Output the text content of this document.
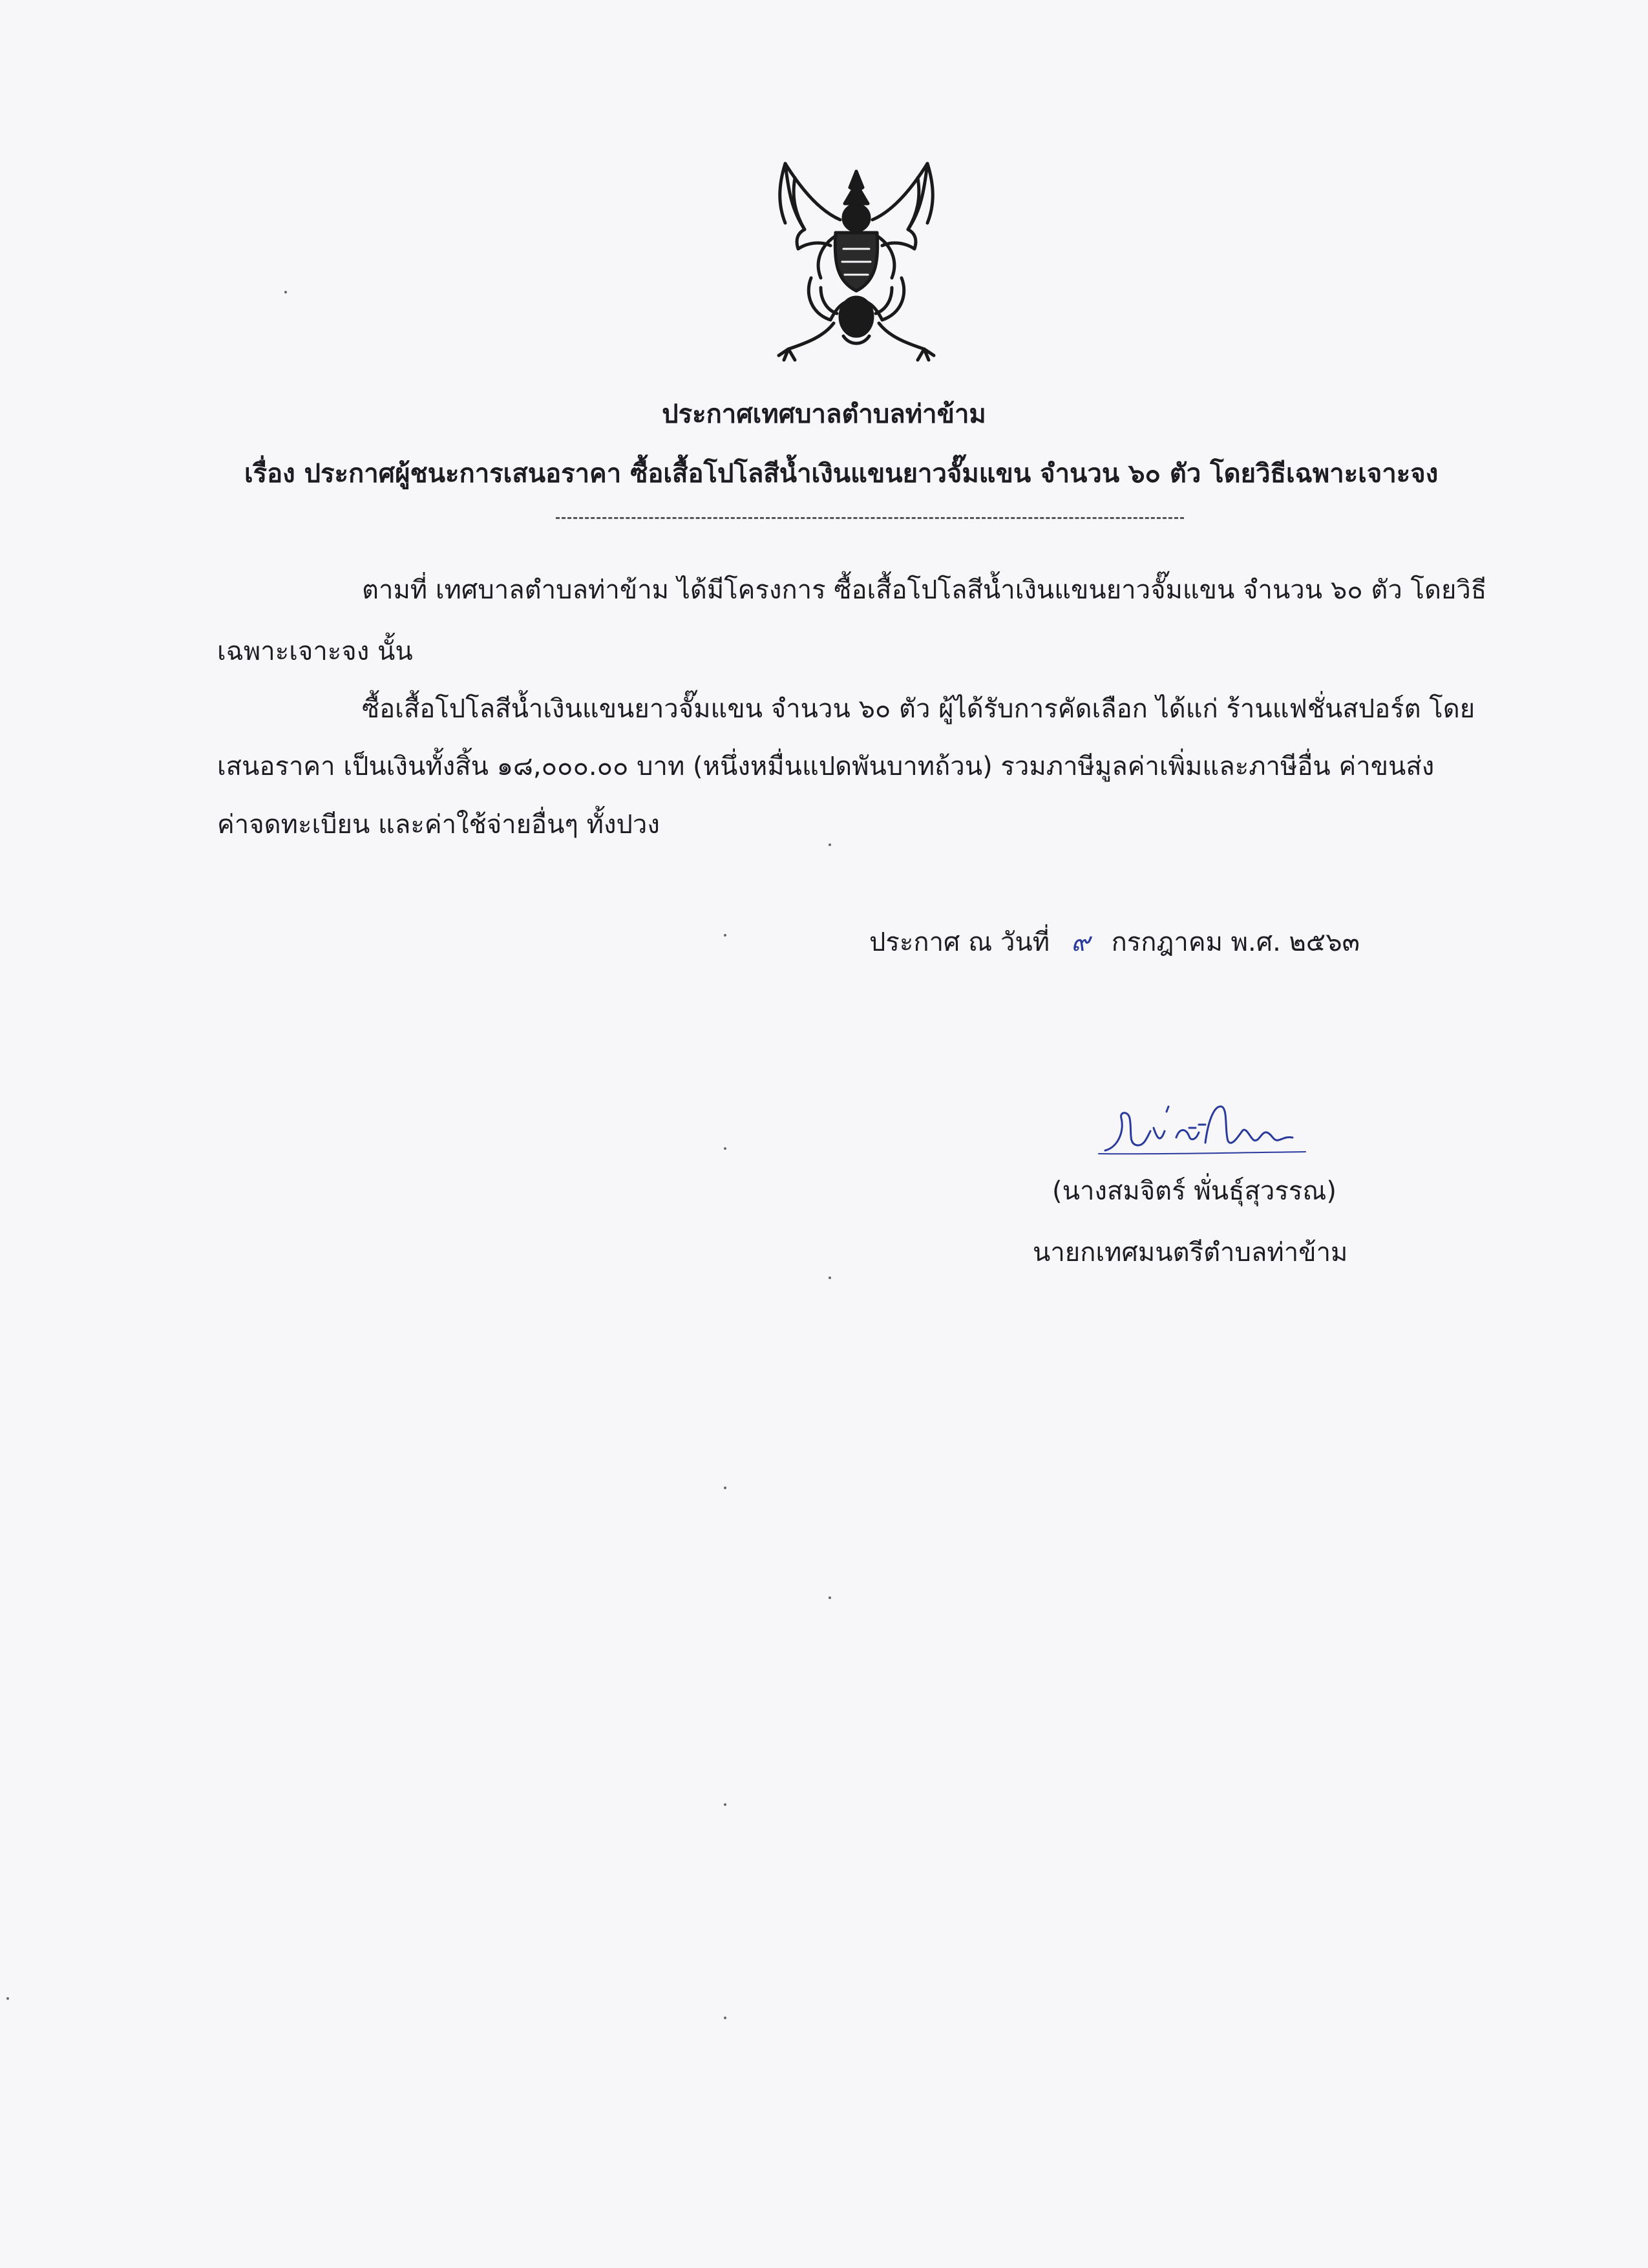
ประกาศเทศบาลตำบลท่าข้าม
เรื่อง ประกาศผู้ชนะการเสนอราคา ซื้อเสื้อโปโลสีน้ำเงินแขนยาวจั๊มแขน จำนวน ๖๐ ตัว โดยวิธีเฉพาะเจาะจง
ตามที่ เทศบาลตำบลท่าข้าม ได้มีโครงการ ซื้อเสื้อโปโลสีน้ำเงินแขนยาวจั๊มแขน จำนวน ๖๐ ตัว โดยวิธี
เฉพาะเจาะจง นั้น
ซื้อเสื้อโปโลสีน้ำเงินแขนยาวจั๊มแขน จำนวน ๖๐ ตัว ผู้ได้รับการคัดเลือก ได้แก่ ร้านแฟชั่นสปอร์ต โดย
เสนอราคา เป็นเงินทั้งสิ้น ๑๘,๐๐๐.๐๐ บาท (หนึ่งหมื่นแปดพันบาทถ้วน) รวมภาษีมูลค่าเพิ่มและภาษีอื่น ค่าขนส่ง
ค่าจดทะเบียน และค่าใช้จ่ายอื่นๆ ทั้งปวง
ประกาศ ณ วันที่ ๙ กรกฎาคม พ.ศ. ๒๕๖๓
(นางสมจิตร์ พั่นธุ์สุวรรณ)
นายกเทศมนตรีตำบลท่าข้าม
